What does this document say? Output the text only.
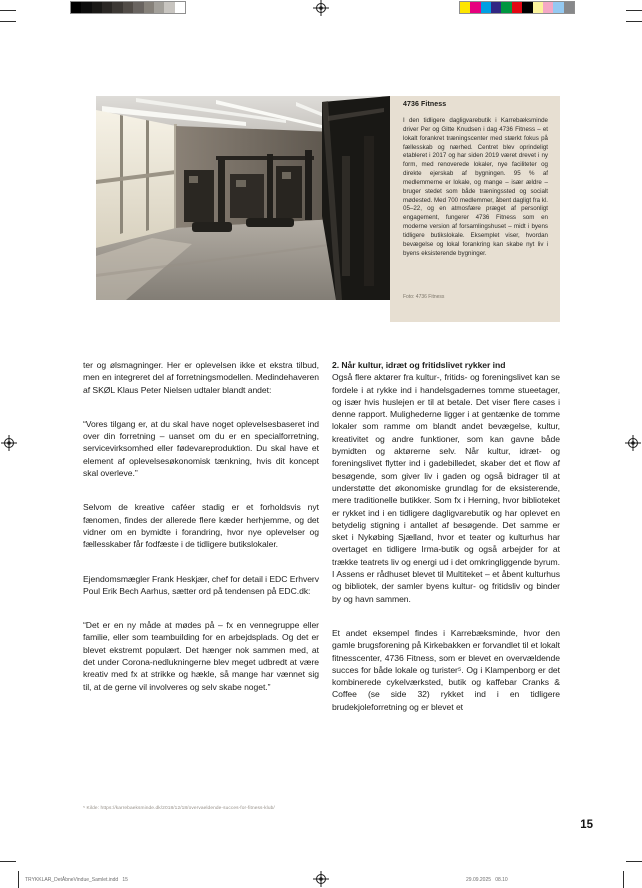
4736 Fitness
I den tidligere dagligvarebutik i Karrebæksminde driver Per og Gitte Knudsen i dag 4736 Fitness – et lokalt forankret træningscenter med stærkt fokus på fællesskab og nærhed. Centret blev oprindeligt etableret i 2017 og har siden 2019 været drevet i ny form, med renoverede lokaler, nye faciliteter og direkte ejerskab af bygningen. 95 % af medlemmerne er lokale, og mange – især ældre – bruger stedet som både træningssted og socialt mødested. Med 700 medlemmer, åbent dagligt fra kl. 05–22, og en atmosfære præget af personligt engagement, fungerer 4736 Fitness som en moderne version af forsamlingshuset – midt i byens tidligere butikslokale. Eksemplet viser, hvordan bevægelse og lokal forankring kan skabe nyt liv i byens eksisterende bygninger.
Foto: 4736 Fitness

ter og ølsmagninger. Her er oplevelsen ikke et ekstra tilbud, men en integreret del af forretningsmodellen. Medindehaveren af SKØL Klaus Peter Nielsen udtaler blandt andet:

“Vores tilgang er, at du skal have noget oplevelsesbaseret ind over din forretning – uanset om du er en specialforretning, servicevirksomhed eller fødevareproduktion. Du skal have et element af oplevelsesøkonomisk tænkning, hvis dit koncept skal overleve.”

Selvom de kreative caféer stadig er et forholdsvis nyt fænomen, findes der allerede flere kæder herhjemme, og det vidner om en bymidte i forandring, hvor nye oplevelser og fællesskaber får fodfæste i de tidligere butikslokaler.

Ejendomsmægler Frank Heskjær, chef for detail i EDC Erhverv Poul Erik Bech Aarhus, sætter ord på tendensen på EDC.dk:

“Det er en ny måde at mødes på – fx en vennegruppe eller familie, eller som teambuilding for en arbejdsplads. Og det er blevet ekstremt populært. Det hænger nok sammen med, at det under Corona-nedlukningerne blev meget udbredt at være kreativ med fx at strikke og hækle, så mange har vænnet sig til, at de gerne vil involveres og selv skabe noget.”

2. Når kultur, idræt og fritidslivet rykker ind

Også flere aktører fra kultur-, fritids- og foreningslivet kan se fordele i at rykke ind i handelsgadernes tomme stueetager, og især hvis huslejen er til at betale. Det viser flere cases i denne rapport. Mulighederne ligger i at gentænke de tomme lokaler som ramme om blandt andet bevægelse, kultur, kreativitet og andre funktioner, som kan gavne både bymidten og aktørerne selv. Når kultur, idræt- og foreningslivet flytter ind i gadebilledet, skaber det et flow af besøgende, som giver liv i gaden og også bidrager til at understøtte det økonomiske grundlag for de eksisterende, mere traditionelle butikker. Som fx i Herning, hvor biblioteket er rykket ind i en tidligere dagligvarebutik og har oplevet en betydelig stigning i antallet af besøgende. Det samme er sket i Nykøbing Sjælland, hvor et teater og kulturhus har overtaget en tidligere Irma-butik og også arbejder for at trække teatrets liv og energi ud i det omkringliggende byrum. I Assens er rådhuset blevet til Multiteket – et åbent kulturhus og bibliotek, der samler byens kultur- og fritidsliv og binder by og havn sammen.

Et andet eksempel findes i Karrebæksminde, hvor den gamle brugsforening på Kirkebakken er forvandlet til et lokalt fitnesscenter, 4736 Fitness, som er blevet en overvældende succes for både lokale og turister⁵. Og i Klampenborg er det kombinerede cykelværksted, butik og kaffebar Cranks & Coffee (se side 32) rykket ind i en tidligere brudekjoleforretning og er blevet et

⁵ Kilde: https://karrebaeksminde.dk/2018/12/18/overvaeldende-succes-for-fitness-klub/
15
TRYKKLAR_DetÅbneVindue_Samlet.indd   15	29.09.2025   08.10
